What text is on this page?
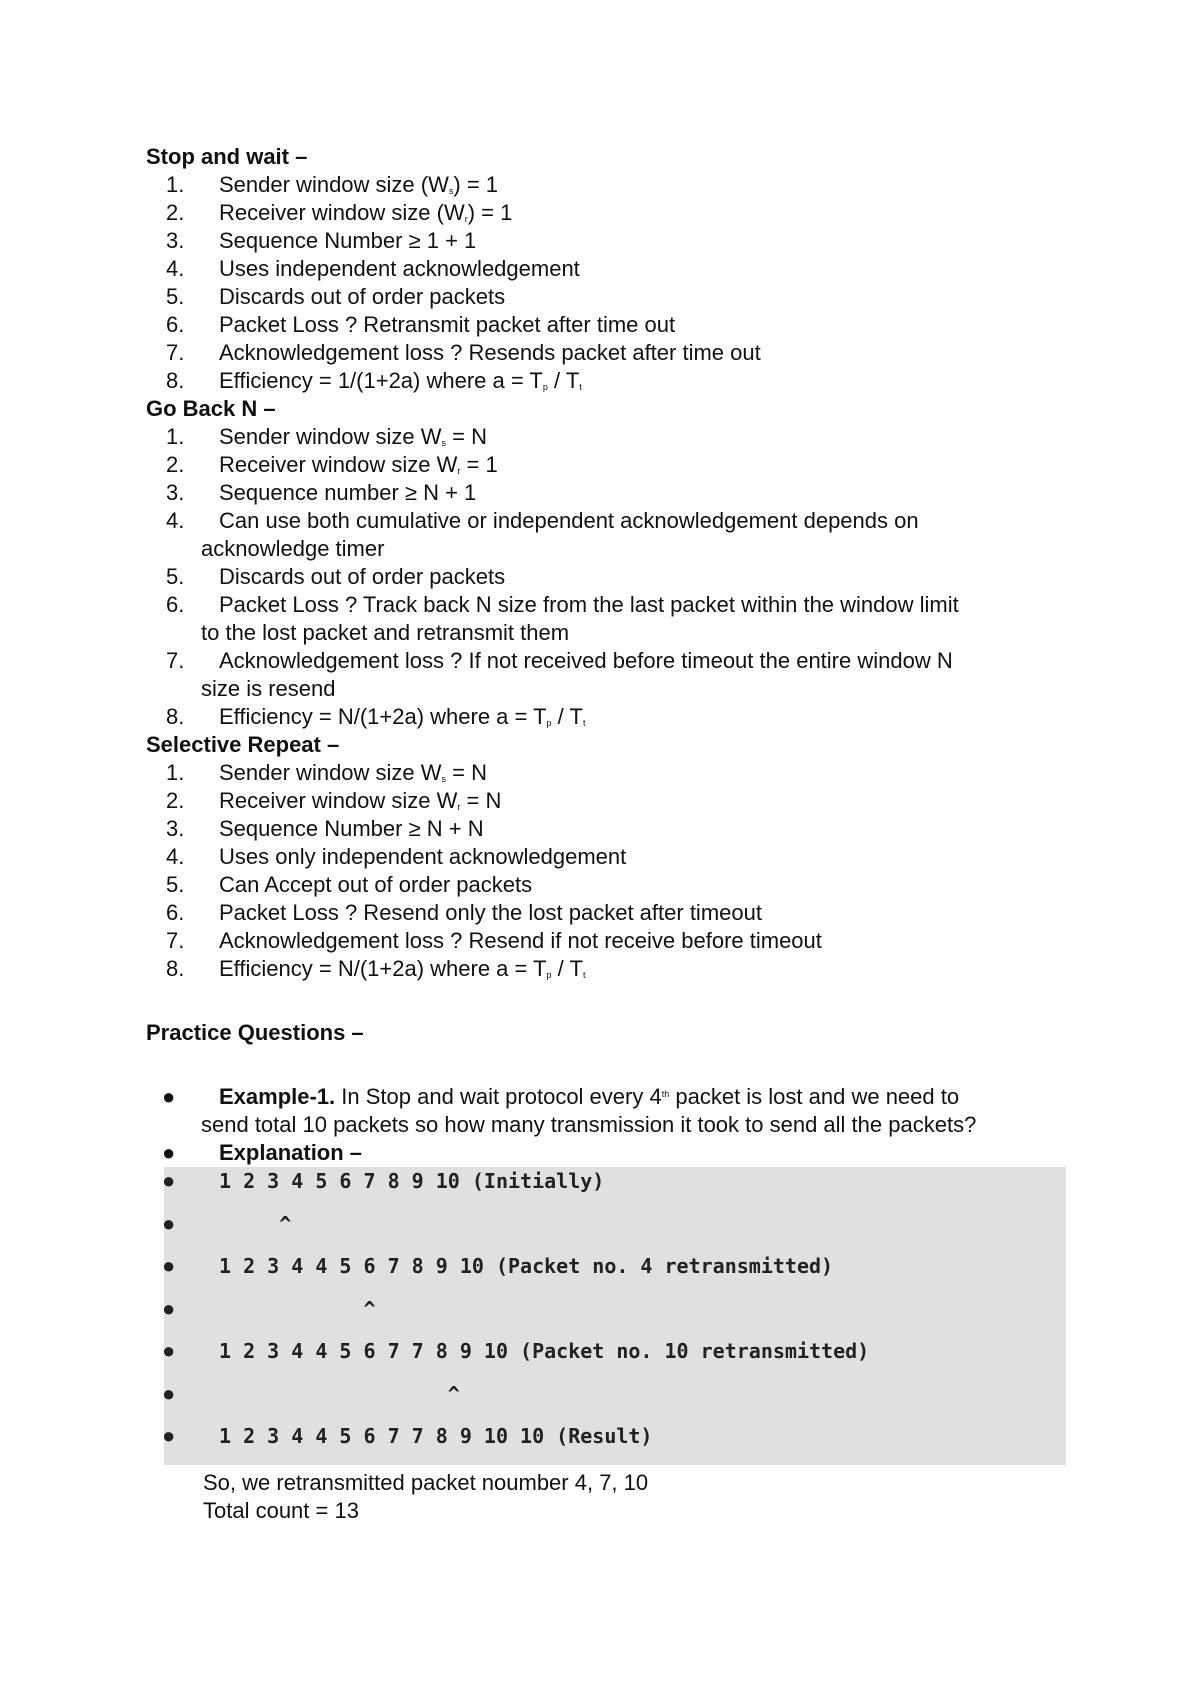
Stop and wait –
1.	Sender window size $(W_s) = 1$
2.	Receiver window size $(W_r) = 1$
3.	Sequence Number ≥ 1 + 1
4.	Uses independent acknowledgement
5.	Discards out of order packets
6.	Packet Loss ? Retransmit packet after time out
7.	Acknowledgement loss ? Resends packet after time out
8.	Efficiency = 1/(1+2a) where $a = T_p / T_t$
Go Back N –
1.	Sender window size $W_s = N$
2.	Receiver window size $W_r = 1$
3.	Sequence number ≥ N + 1
4.	Can use both cumulative or independent acknowledgement depends on
acknowledge timer
5.	Discards out of order packets
6.	Packet Loss ? Track back N size from the last packet within the window limit
to the lost packet and retransmit them
7.	Acknowledgement loss ? If not received before timeout the entire window N
size is resend
8.	Efficiency = N/(1+2a) where $a = T_p / T_t$
Selective Repeat –
1.	Sender window size $W_s = N$
2.	Receiver window size $W_r = N$
3.	Sequence Number ≥ N + N
4.	Uses only independent acknowledgement
5.	Can Accept out of order packets
6.	Packet Loss ? Resend only the lost packet after timeout
7.	Acknowledgement loss ? Resend if not receive before timeout
8.	Efficiency = N/(1+2a) where $a = T_p / T_t$
Practice Questions –
●	Example-1. In Stop and wait protocol every 4th packet is lost and we need to
send total 10 packets so how many transmission it took to send all the packets?
●	Explanation –
● 1 2 3 4 5 6 7 8 9 10 (Initially)
● ^
● 1 2 3 4 4 5 6 7 8 9 10 (Packet no. 4 retransmitted)
● ^
● 1 2 3 4 4 5 6 7 7 8 9 10 (Packet no. 10 retransmitted)
● ^
● 1 2 3 4 4 5 6 7 7 8 9 10 10 (Result)
So, we retransmitted packet noumber 4, 7, 10
Total count = 13
